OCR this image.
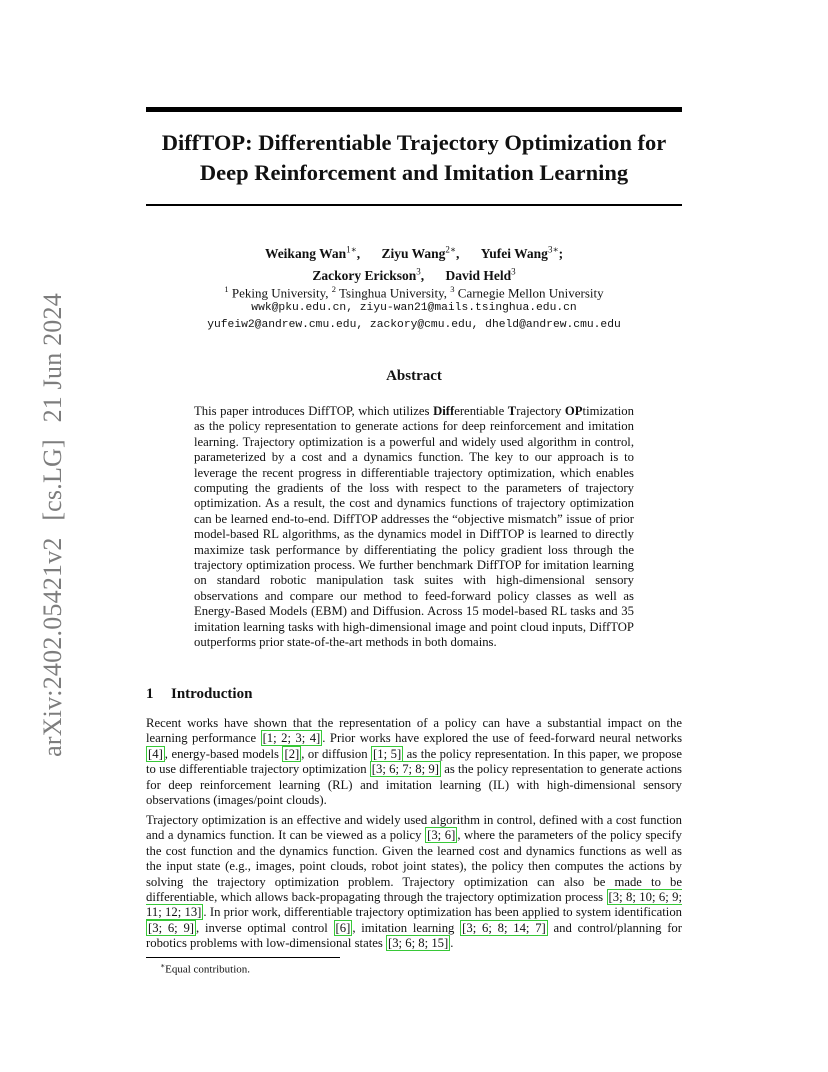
arXiv:2402.05421v2 [cs.LG] 21 Jun 2024
DiffTOP: Differentiable Trajectory Optimization for
Deep Reinforcement and Imitation Learning
Weikang Wan$^{1∗}$, Ziyu Wang$^{2∗}$, Yufei Wang$^{3∗}$;
Zackory Erickson$^3$, David Held$^3$
$^1$ Peking University, $^2$ Tsinghua University, $^3$ Carnegie Mellon University
wwk@pku.edu.cn, ziyu-wan21@mails.tsinghua.edu.cn
yufeiw2@andrew.cmu.edu, zackory@cmu.edu, dheld@andrew.cmu.edu
Abstract
This paper introduces DiffTOP, which utilizes Differentiable Trajectory OPtimization as the policy representation to generate actions for deep reinforcement and imitation learning. Trajectory optimization is a powerful and widely used algorithm in control, parameterized by a cost and a dynamics function. The key to our approach is to leverage the recent progress in differentiable trajectory optimization, which enables computing the gradients of the loss with respect to the parameters of trajectory optimization. As a result, the cost and dynamics functions of trajectory optimization can be learned end-to-end. DiffTOP addresses the “objective mismatch” issue of prior model-based RL algorithms, as the dynamics model in DiffTOP is learned to directly maximize task performance by differentiating the policy gradient loss through the trajectory optimization process. We further benchmark DiffTOP for imitation learning on standard robotic manipulation task suites with high-dimensional sensory observations and compare our method to feed-forward policy classes as well as Energy-Based Models (EBM) and Diffusion. Across 15 model-based RL tasks and 35 imitation learning tasks with high-dimensional image and point cloud inputs, DiffTOP outperforms prior state-of-the-art methods in both domains.
1 Introduction
Recent works have shown that the representation of a policy can have a substantial impact on the learning performance [1; 2; 3; 4] . Prior works have explored the use of feed-forward neural networks [4] , energy-based models [2] , or diffusion [1; 5] as the policy representation. In this paper, we propose to use differentiable trajectory optimization [3; 6; 7; 8; 9] as the policy representation to generate actions for deep reinforcement learning (RL) and imitation learning (IL) with high-dimensional sensory observations (images/point clouds).
Trajectory optimization is an effective and widely used algorithm in control, defined with a cost function and a dynamics function. It can be viewed as a policy [3; 6] , where the parameters of the policy specify the cost function and the dynamics function. Given the learned cost and dynamics functions as well as the input state (e.g., images, point clouds, robot joint states), the policy then computes the actions by solving the trajectory optimization problem. Trajectory optimization can also be made to be differentiable, which allows back-propagating through the trajectory optimization process [3; 8; 10; 6; 9; 11; 12; 13] . In prior work, differentiable trajectory optimization has been applied to system identification [3; 6; 9] , inverse optimal control [6] , imitation learning [3; 6; 8; 14; 7] and control/planning for robotics problems with low-dimensional states [3; 6; 8; 15] .
∗Equal contribution.
